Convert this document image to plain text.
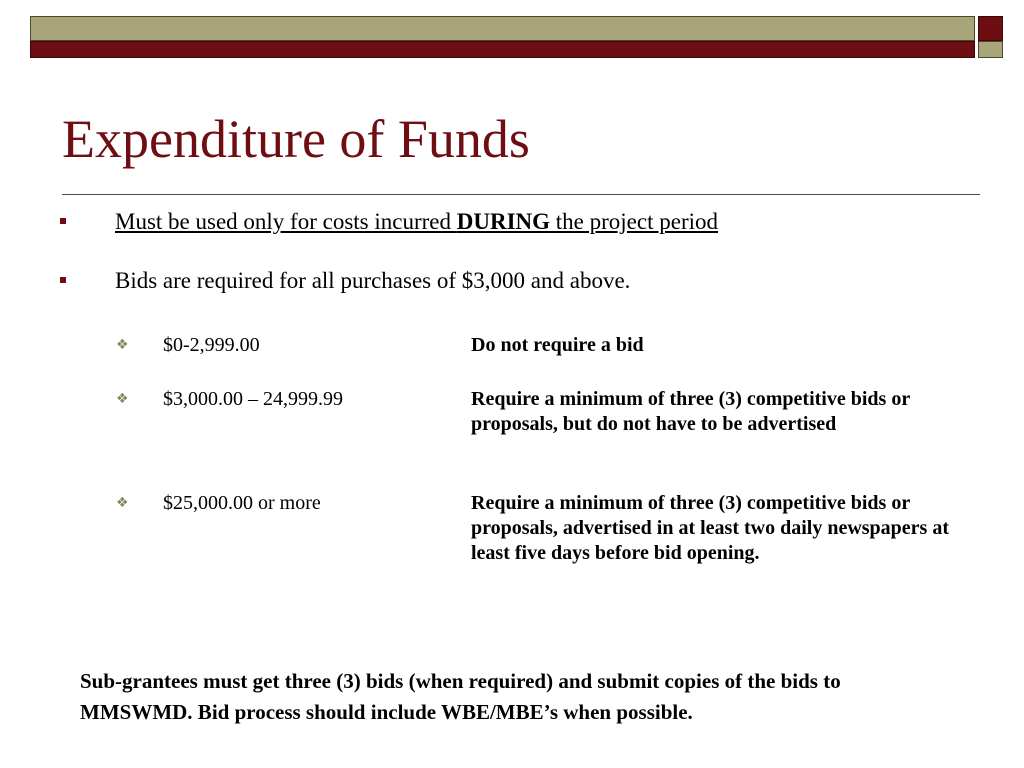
Expenditure of Funds
Must be used only for costs incurred DURING the project period
Bids are required for all purchases of $3,000 and above.
❖ $0-2,999.00	Do not require a bid
❖ $3,000.00 – 24,999.99	Require a minimum of three (3) competitive bids or proposals, but do not have to be advertised
❖ $25,000.00 or more	Require a minimum of three (3) competitive bids or proposals, advertised in at least two daily newspapers at least five days before bid opening.

Sub-grantees must get three (3) bids (when required) and submit copies of the bids to MMSWMD. Bid process should include WBE/MBE’s when possible.
